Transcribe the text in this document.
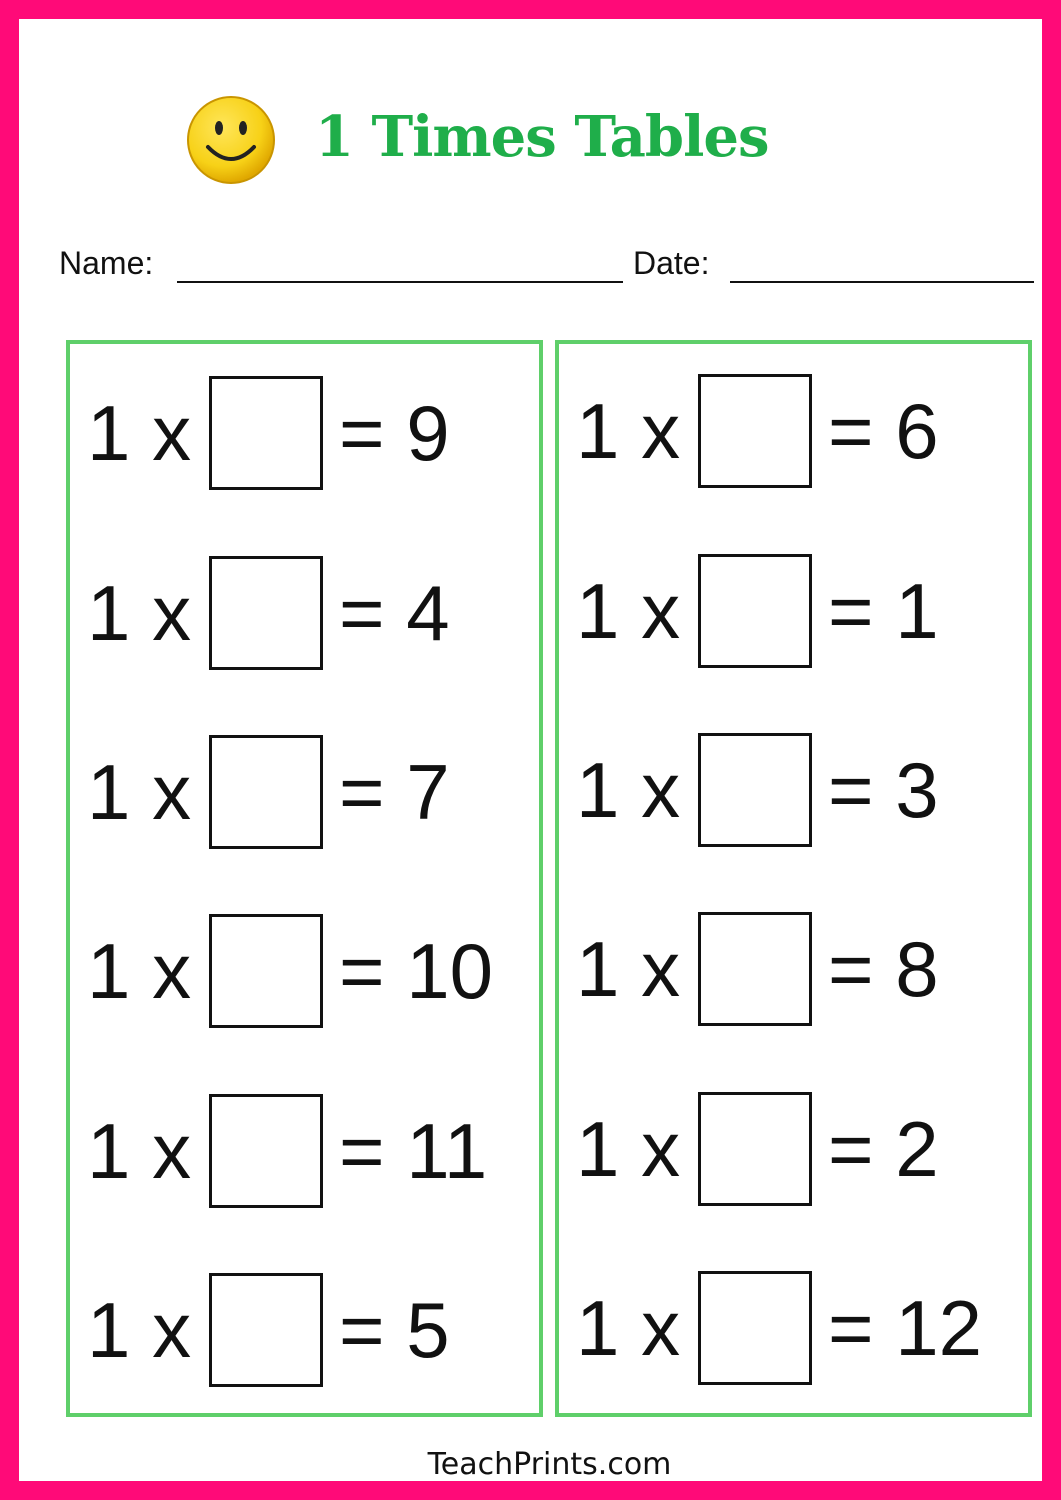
1 Times Tables
Name:	Date:
1 x = 9
1 x = 4
1 x = 7
1 x = 10
1 x = 11
1 x = 5
1 x = 6
1 x = 1
1 x = 3
1 x = 8
1 x = 2
1 x = 12
TeachPrints.com
